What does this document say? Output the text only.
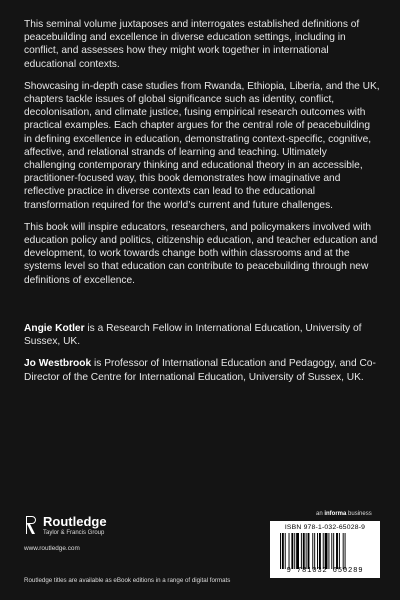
This seminal volume juxtaposes and interrogates established definitions of peacebuilding and excellence in diverse education settings, including in conflict, and assesses how they might work together in international educational contexts.

Showcasing in-depth case studies from Rwanda, Ethiopia, Liberia, and the UK, chapters tackle issues of global significance such as identity, conflict, decolonisation, and climate justice, fusing empirical research outcomes with practical examples. Each chapter argues for the central role of peacebuilding in defining excellence in education, demonstrating context-specific, cognitive, affective, and relational strands of learning and teaching. Ultimately challenging contemporary thinking and educational theory in an accessible, practitioner-focused way, this book demonstrates how imaginative and reflective practice in diverse contexts can lead to the educational transformation required for the world’s current and future challenges.

This book will inspire educators, researchers, and policymakers involved with education policy and politics, citizenship education, and teacher education and development, to work towards change both within classrooms and at the systems level so that education can contribute to peacebuilding through new definitions of excellence.

Angie Kotler is a Research Fellow in International Education, University of Sussex, UK.

Jo Westbrook is Professor of International Education and Pedagogy, and Co-Director of the Centre for International Education, University of Sussex, UK.

Routledge
Taylor & Francis Group
www.routledge.com
Routledge titles are available as eBook editions in a range of digital formats
an informa business
ISBN 978-1-032-65028-9
9 781032 650289
